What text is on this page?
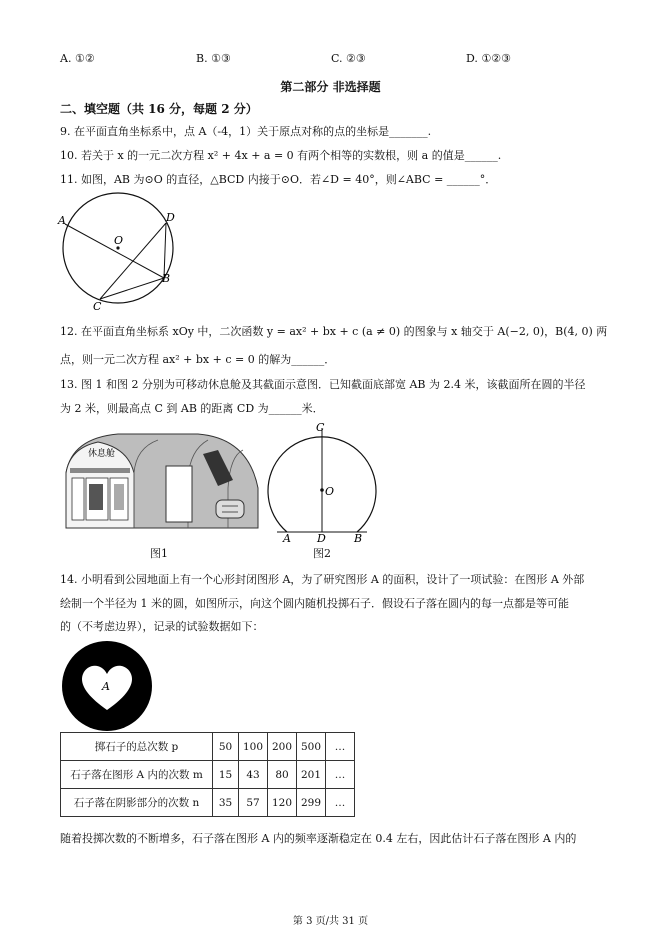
A. ①②	B. ①③	C. ②③	D. ①②③
第二部分 非选择题
二、填空题（共 16 分，每题 2 分）
9. 在平面直角坐标系中，点 A（-4，1）关于原点对称的点的坐标是_______.
10. 若关于 x 的一元二次方程 x² + 4x + a = 0 有两个相等的实数根，则 a 的值是______.
11. 如图，AB 为⊙O 的直径，△BCD 内接于⊙O．若∠D = 40°，则∠ABC = ______°．
A	D
O
B
C
12. 在平面直角坐标系 xOy 中，二次函数 y = ax² + bx + c (a ≠ 0) 的图象与 x 轴交于 A(−2, 0)，B(4, 0) 两
点，则一元二次方程 ax² + bx + c = 0 的解为______．
13. 图 1 和图 2 分别为可移动休息舱及其截面示意图．已知截面底部宽 AB 为 2.4 米，该截面所在圆的半径
为 2 米，则最高点 C 到 AB 的距离 CD 为______米．
休息舱
图1
C
O
A D	B
图2
14. 小明看到公园地面上有一个心形封闭图形 A，为了研究图形 A 的面积，设计了一项试验：在图形 A 外部
绘制一个半径为 1 米的圆，如图所示，向这个圆内随机投掷石子．假设石子落在圆内的每一点都是等可能
的（不考虑边界），记录的试验数据如下：
A
掷石子的总次数 p	50	100	200	500	…
石子落在图形 A 内的次数 m	15	43	80	201	…
石子落在阴影部分的次数 n	35	57	120	299	…
随着投掷次数的不断增多，石子落在图形 A 内的频率逐渐稳定在 0.4 左右，因此估计石子落在图形 A 内的
第 3 页/共 31 页
